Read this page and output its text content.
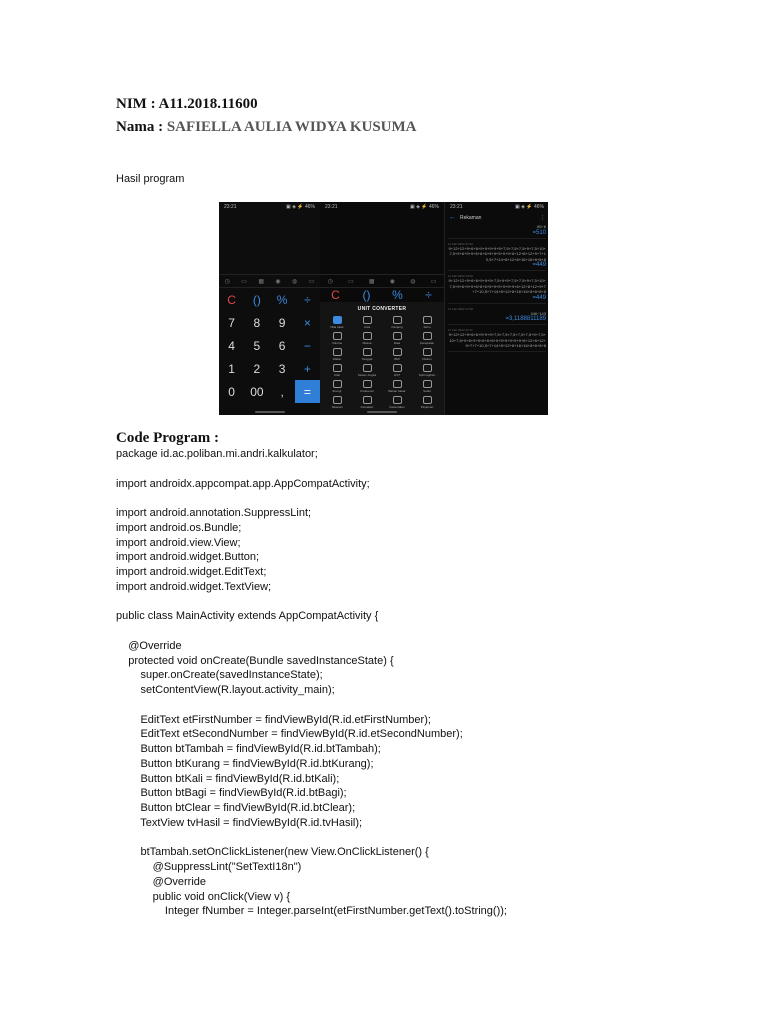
NIM : A11.2018.11600
Nama : SAFIELLA AULIA WIDYA KUSUMA
Hasil program
23:21	▣ ◈ ⚡ 46%
◷ ▭ ▦ ◉ ◍ ▭
C	()	%	÷
7	8	9	×
4	5	6	−
1	2	3	+
0	00	,	=
23:21	▣ ◈ ⚡ 46%
◷	▭	▦	◉	◍	▭
C	()	%	÷
UNIT CONVERTER
Nilai tukar	Area	Panjang	Suhu
Volume	Massa	Data	Kecepatan
Waktu	Tanggal	BMI	Diskon
Kilat	Sistem Angka	GST	Split tagihan
Energi	Frekuensi	Bahan bakar	Sudut
Tekanan	Kekuatan	Kekentalan	Pinjaman
23:21	▣ ◈ ⚡ 46%
← Rekaman	⋮
85÷6
=510
11 Feb 2022 21:22
9+12+12+9+6+6+9+9+9+9+9+7,5+7,5+7,5+9+7,5+10+7,5+9+6+9+9+6+6+6+9+9+9+9+9+6+12+8+12+9+7+10,5+7+14+8+12+8+16+16+8+8+8
=449
11 Feb 2022 19:06
9+12+12+9+6+6+9+9+9+7,5+9+9+7,5+7,5+9+7,5+10+7,5+9+6+9+9+6+6+6+9+9+9+9+9+9+6+12+8+12+9+7+7+10,5+7+14+8+12+8+16+16+8+8+8+8
=449
11 Feb 2022 17:08
446÷143
=3,1188811189
11 Feb 2022 11:31
9+12+12+9+6+6+9+9+9+7,5+7,5+7,5+7,5+7,5+9+7,5+10+7,5+9+6+9+9+6+6+6+9+9+9+9+9+9+6+12+8+12+9+7+7+10,5+7+14+8+12+8+16+16+8+8+8+8
Code Program :
package id.ac.poliban.mi.andri.kalkulator;

import androidx.appcompat.app.AppCompatActivity;

import android.annotation.SuppressLint;
import android.os.Bundle;
import android.view.View;
import android.widget.Button;
import android.widget.EditText;
import android.widget.TextView;

public class MainActivity extends AppCompatActivity {

@Override
protected void onCreate(Bundle savedInstanceState) {
super.onCreate(savedInstanceState);
setContentView(R.layout.activity_main);

EditText etFirstNumber = findViewById(R.id.etFirstNumber);
EditText etSecondNumber = findViewById(R.id.etSecondNumber);
Button btTambah = findViewById(R.id.btTambah);
Button btKurang = findViewById(R.id.btKurang);
Button btKali = findViewById(R.id.btKali);
Button btBagi = findViewById(R.id.btBagi);
Button btClear = findViewById(R.id.btClear);
TextView tvHasil = findViewById(R.id.tvHasil);

btTambah.setOnClickListener(new View.OnClickListener() {
@SuppressLint("SetTextI18n")
@Override
public void onClick(View v) {
Integer fNumber = Integer.parseInt(etFirstNumber.getText().toString());
